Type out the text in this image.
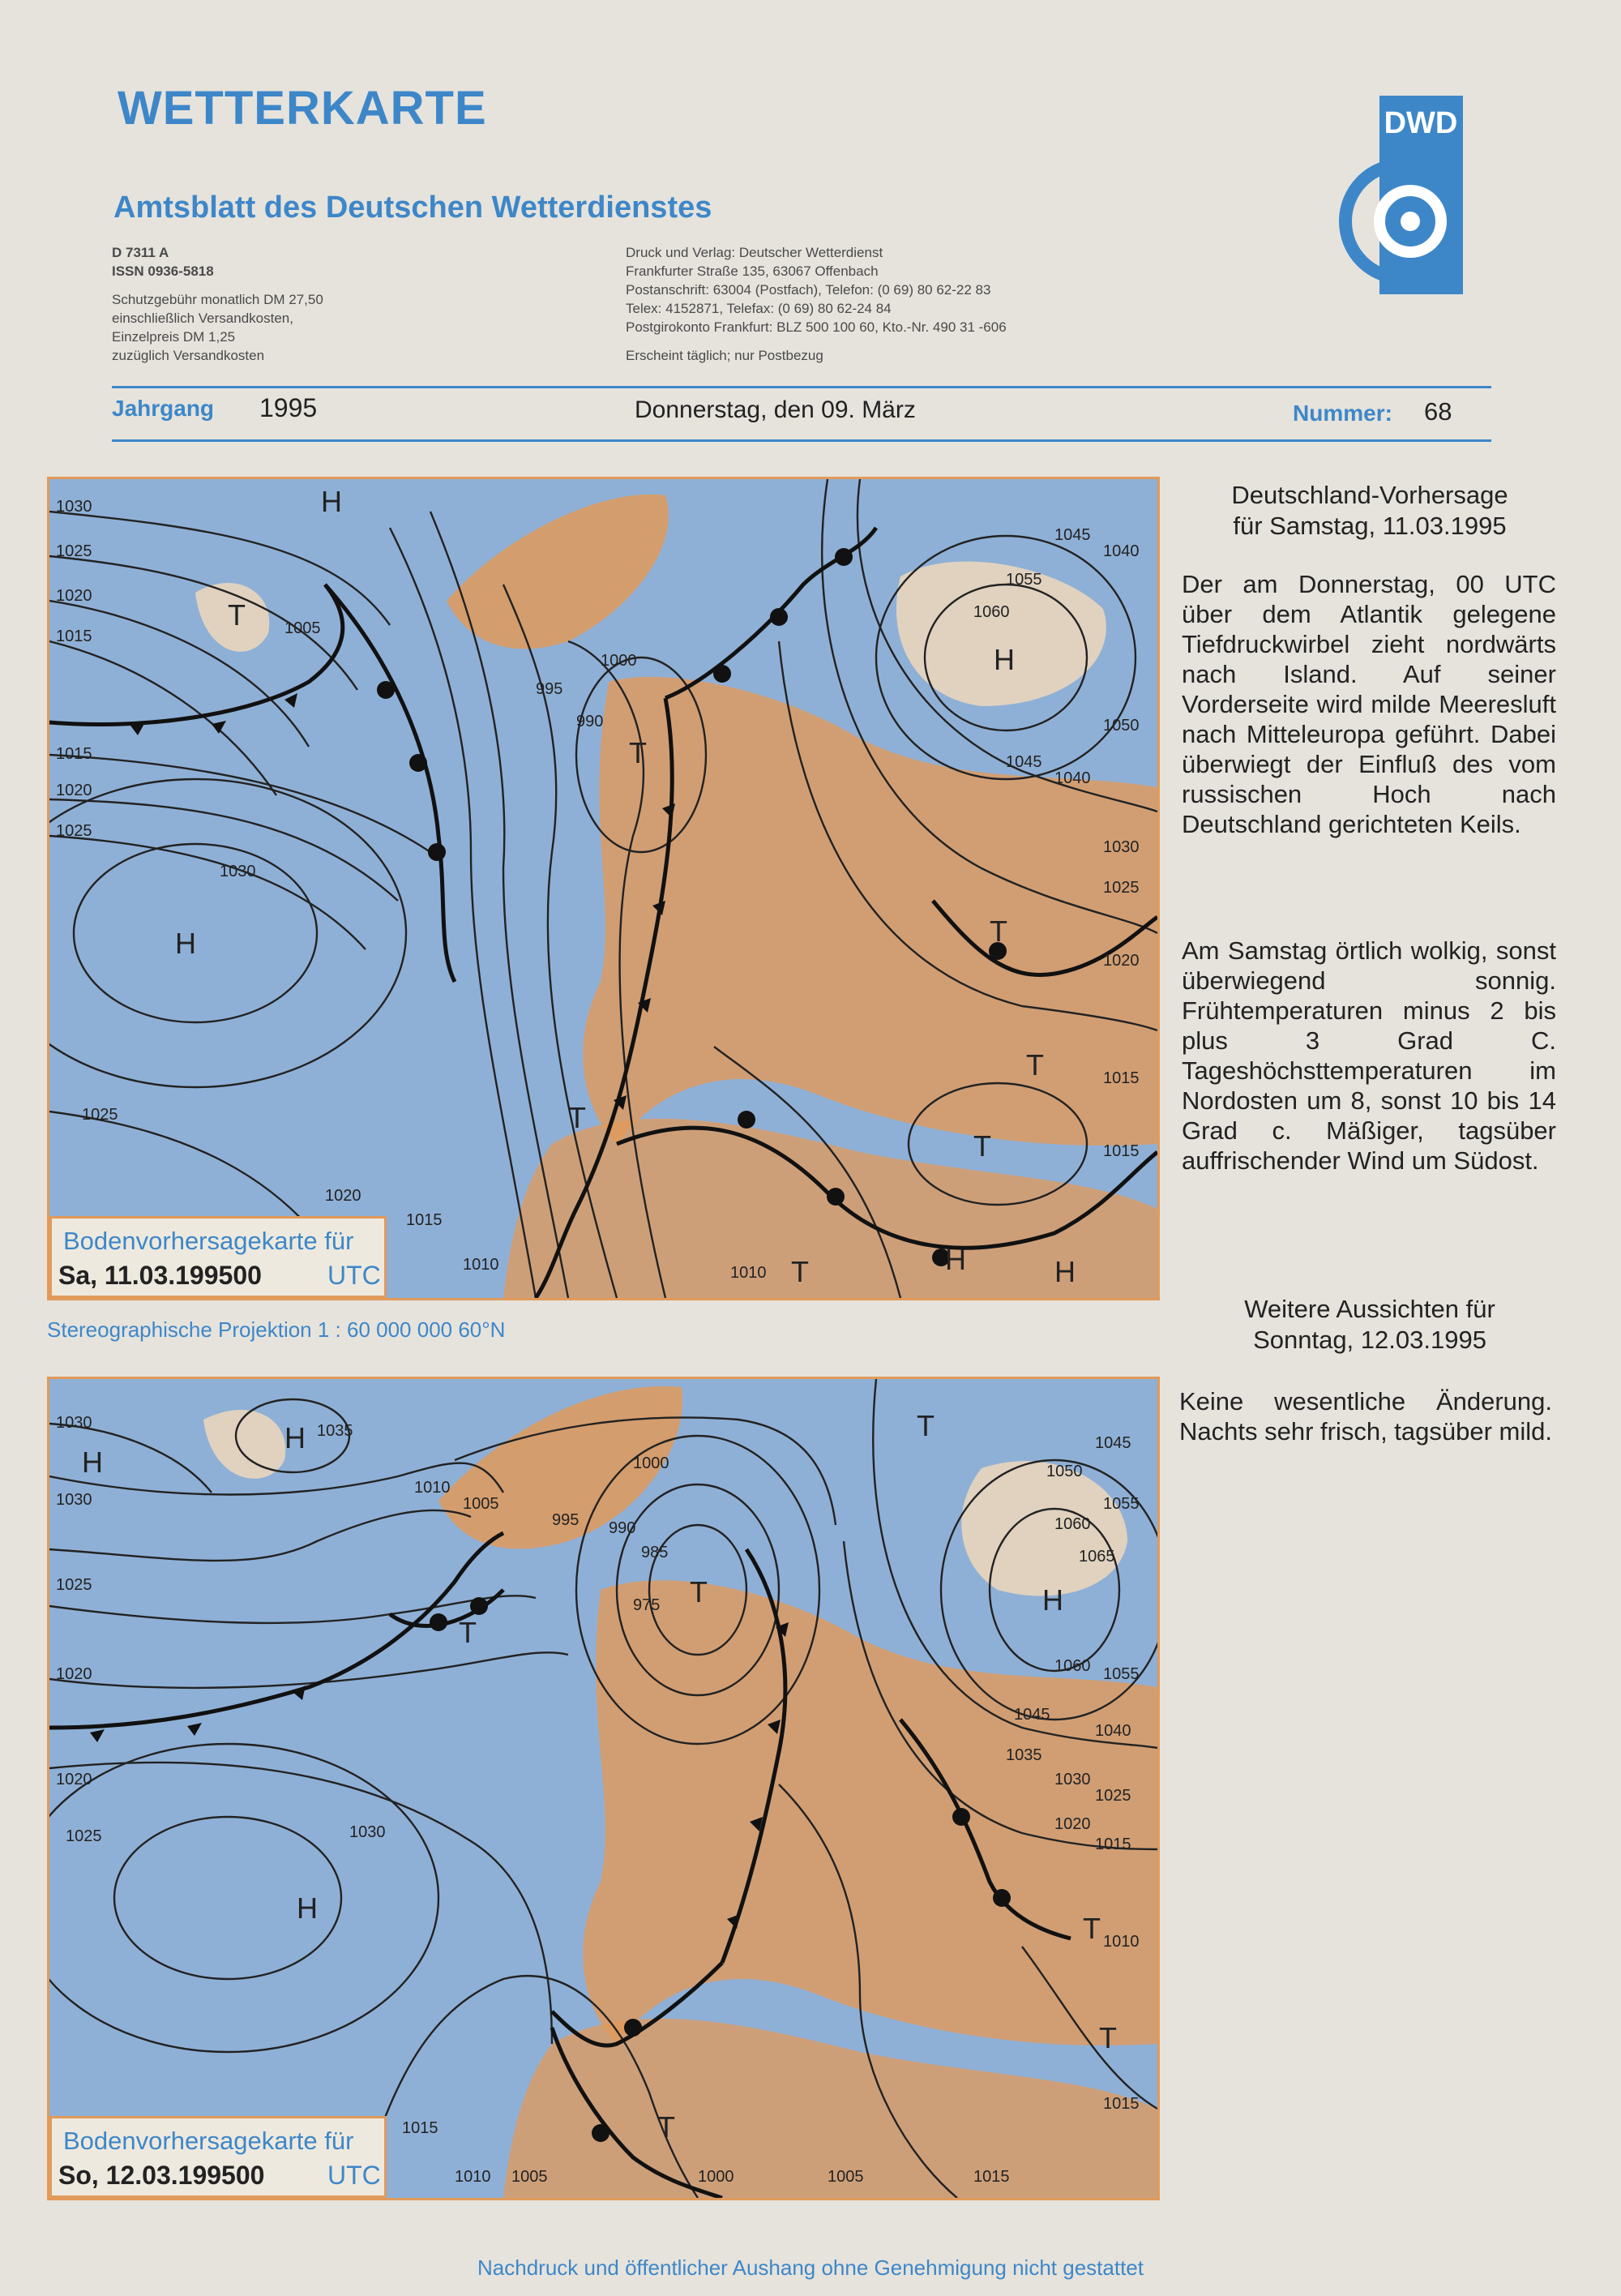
WETTERKARTE
Amtsblatt des Deutschen Wetterdienstes
D 7311 A
ISSN 0936-5818
Schutzgebühr monatlich DM 27,50
einschließlich Versandkosten,
Einzelpreis DM 1,25
zuzüglich Versandkosten
Druck und Verlag: Deutscher Wetterdienst
Frankfurter Straße 135, 63067 Offenbach
Postanschrift: 63004 (Postfach), Telefon: (0 69) 80 62-22 83
Telex: 4152871, Telefax: (0 69) 80 62-24 84
Postgirokonto Frankfurt: BLZ 500 100 60, Kto.-Nr. 490 31 -606
Erscheint täglich; nur Postbezug
DWD
Jahrgang 1995	Donnerstag, den 09. März	Nummer: 68
H
T
H
H
T
T
T
T
H	H
T
T
1030
1025
1020
1015	1005
1000
995
990
1045
1040
1055
1060
1050
1045
1040
1030
1025
1020
1015
1015
1010
1015
1010
1020
1030
1025
1015
1020
1025
Bodenvorhersagekarte für
Sa, 11.03.199500	UTC
Stereographische Projektion 1 : 60 000 000 60°N
H
H
H
T
T
T	H
T
T
T
1030	1035
1030
1010
1005
995 990
985
975
1000
1045
1050
1055
1060
1065
1060 1055
1045
1040
1035
1030
1025
1020
1015
1010
1015
1025
1020
1020
1025	1030
1015
1010 1005	1000	1005	1015
Bodenvorhersagekarte für
So, 12.03.199500 UTC
Deutschland-Vorhersage
für Samstag, 11.03.1995
Der am Donnerstag, 00 UTC über dem Atlantik gelegene Tiefdruckwirbel zieht nordwärts nach Island. Auf seiner Vorderseite wird milde Meeresluft nach Mitteleuropa geführt. Dabei überwiegt der Einfluß des vom russischen Hoch nach Deutschland gerichteten Keils.
Am Samstag örtlich wolkig, sonst überwiegend sonnig. Frühtemperaturen minus 2 bis plus 3 Grad C. Tageshöchsttemperaturen im Nordosten um 8, sonst 10 bis 14 Grad c. Mäßiger, tagsüber auffrischender Wind um Südost.
Weitere Aussichten für
Sonntag, 12.03.1995
Keine wesentliche Änderung. Nachts sehr frisch, tagsüber mild.
Nachdruck und öffentlicher Aushang ohne Genehmigung nicht gestattet
